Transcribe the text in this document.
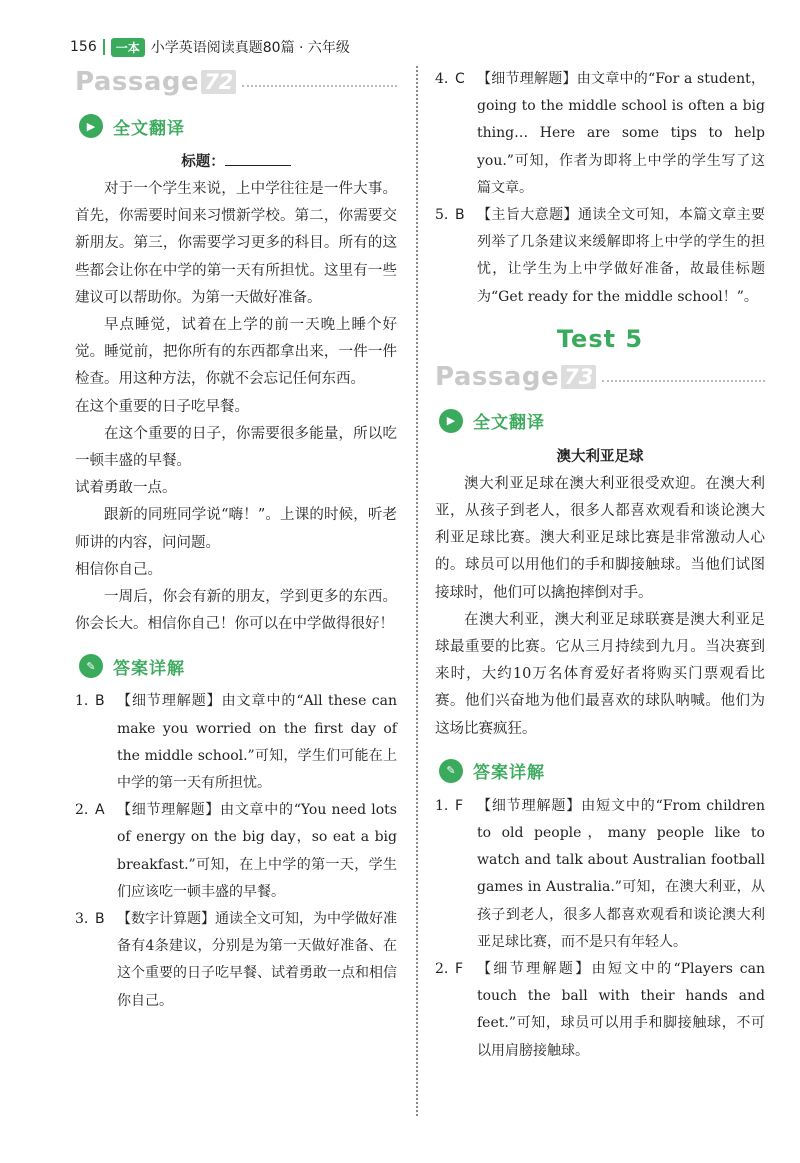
156	一本 小学英语阅读真题80篇 · 六年级
Passage 72
▶	全文翻译
标题：

对于一个学生来说，上中学往往是一件大事。首先，你需要时间来习惯新学校。第二，你需要交新朋友。第三，你需要学习更多的科目。所有的这些都会让你在中学的第一天有所担忧。这里有一些建议可以帮助你。为第一天做好准备。

早点睡觉，试着在上学的前一天晚上睡个好觉。睡觉前，把你所有的东西都拿出来，一件一件检查。用这种方法，你就不会忘记任何东西。

在这个重要的日子吃早餐。

在这个重要的日子，你需要很多能量，所以吃一顿丰盛的早餐。

试着勇敢一点。

跟新的同班同学说“嗨！”。上课的时候，听老师讲的内容，问问题。

相信你自己。

一周后，你会有新的朋友，学到更多的东西。你会长大。相信你自己！你可以在中学做得很好！

✎	答案详解
1. B 【细节理解题】由文章中的“All these can make you worried on the first day of the middle school.”可知，学生们可能在上中学的第一天有所担忧。
2. A 【细节理解题】由文章中的“You need lots of energy on the big day，so eat a big breakfast.”可知，在上中学的第一天，学生们应该吃一顿丰盛的早餐。
3. B 【数字计算题】通读全文可知，为中学做好准备有4条建议，分别是为第一天做好准备、在这个重要的日子吃早餐、试着勇敢一点和相信你自己。
4. C 【细节理解题】由文章中的“For a student，going to the middle school is often a big thing… Here are some tips to help you.”可知，作者为即将上中学的学生写了这篇文章。
5. B 【主旨大意题】通读全文可知，本篇文章主要列举了几条建议来缓解即将上中学的学生的担忧，让学生为上中学做好准备，故最佳标题为“Get ready for the middle school！”。
Test 5
Passage 73
▶	全文翻译
澳大利亚足球

澳大利亚足球在澳大利亚很受欢迎。在澳大利亚，从孩子到老人，很多人都喜欢观看和谈论澳大利亚足球比赛。澳大利亚足球比赛是非常激动人心的。球员可以用他们的手和脚接触球。当他们试图接球时，他们可以擒抱摔倒对手。

在澳大利亚，澳大利亚足球联赛是澳大利亚足球最重要的比赛。它从三月持续到九月。当决赛到来时，大约10万名体育爱好者将购买门票观看比赛。他们兴奋地为他们最喜欢的球队呐喊。他们为这场比赛疯狂。

✎	答案详解
1. F 【细节理解题】由短文中的“From children to old people，many people like to watch and talk about Australian football games in Australia.”可知，在澳大利亚，从孩子到老人，很多人都喜欢观看和谈论澳大利亚足球比赛，而不是只有年轻人。
2. F 【细节理解题】由短文中的“Players can touch the ball with their hands and feet.”可知，球员可以用手和脚接触球，不可以用肩膀接触球。
